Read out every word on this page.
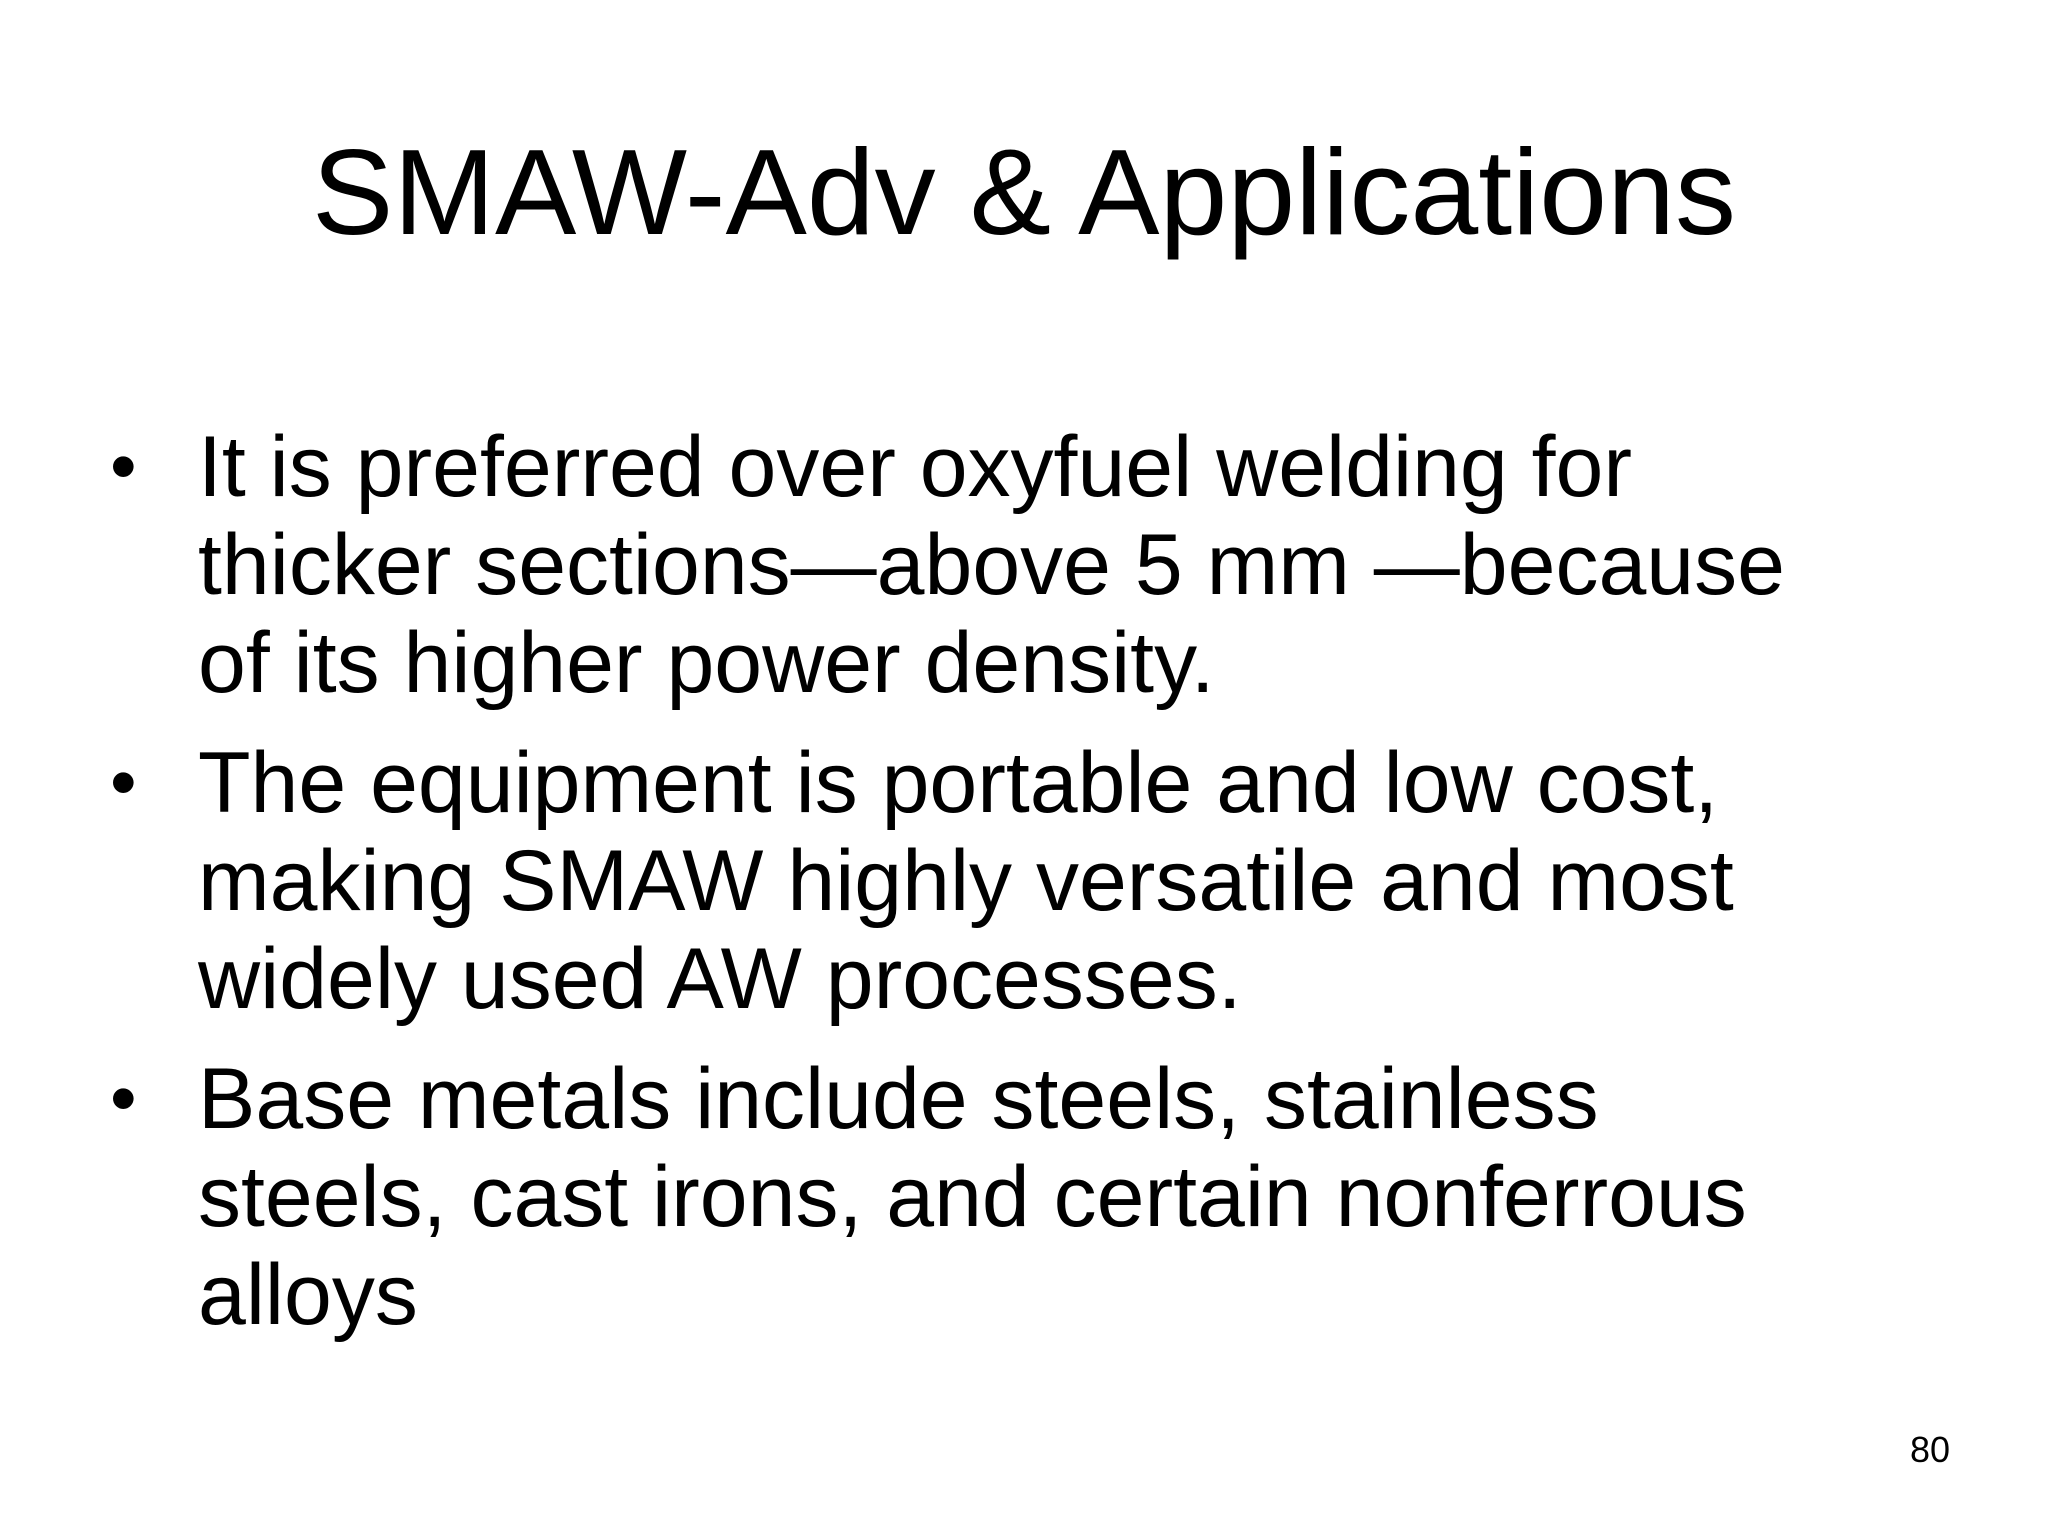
SMAW-Adv & Applications
• It is preferred over oxyfuel welding for
thicker sections—above 5 mm —because
of its higher power density.
• The equipment is portable and low cost,
making SMAW highly versatile and most
widely used AW processes.
• Base metals include steels, stainless
steels, cast irons, and certain nonferrous
alloys
80
